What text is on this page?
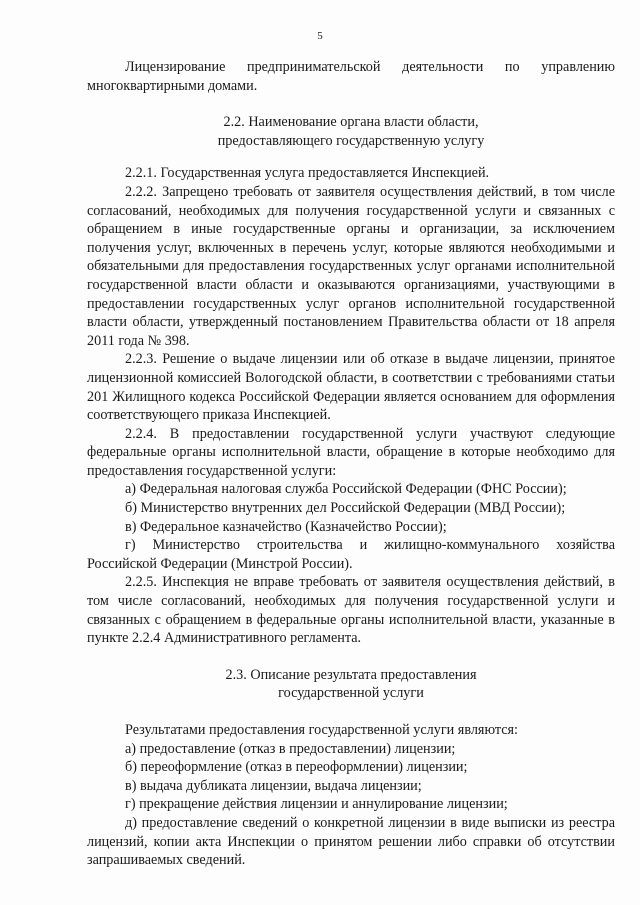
5

Лицензирование предпринимательской деятельности по управлению многоквартирными домами.

2.2. Наименование органа власти области,

предоставляющего государственную услугу

2.2.1. Государственная услуга предоставляется Инспекцией.

2.2.2. Запрещено требовать от заявителя осуществления действий, в том числе согласований, необходимых для получения государственной услуги и связанных с обращением в иные государственные органы и организации, за исключением получения услуг, включенных в перечень услуг, которые являются необходимыми и обязательными для предоставления государственных услуг органами исполнительной государственной власти области и оказываются организациями, участвующими в предоставлении государственных услуг органов исполнительной государственной власти области, утвержденный постановлением Правительства области от 18 апреля 2011 года № 398.

2.2.3. Решение о выдаче лицензии или об отказе в выдаче лицензии, принятое лицензионной комиссией Вологодской области, в соответствии с требованиями статьи 201 Жилищного кодекса Российской Федерации является основанием для оформления соответствующего приказа Инспекцией.

2.2.4. В предоставлении государственной услуги участвуют следующие федеральные органы исполнительной власти, обращение в которые необходимо для предоставления государственной услуги:

а) Федеральная налоговая служба Российской Федерации (ФНС России);

б) Министерство внутренних дел Российской Федерации (МВД России);

в) Федеральное казначейство (Казначейство России);

г) Министерство строительства и жилищно-коммунального хозяйства Российской Федерации (Минстрой России).

2.2.5. Инспекция не вправе требовать от заявителя осуществления действий, в том числе согласований, необходимых для получения государственной услуги и связанных с обращением в федеральные органы исполнительной власти, указанные в пункте 2.2.4 Административного регламента.

2.3. Описание результата предоставления

государственной услуги

Результатами предоставления государственной услуги являются:

а) предоставление (отказ в предоставлении) лицензии;

б) переоформление (отказ в переоформлении) лицензии;

в) выдача дубликата лицензии, выдача лицензии;

г) прекращение действия лицензии и аннулирование лицензии;

д) предоставление сведений о конкретной лицензии в виде выписки из реестра лицензий, копии акта Инспекции о принятом решении либо справки об отсутствии запрашиваемых сведений.
